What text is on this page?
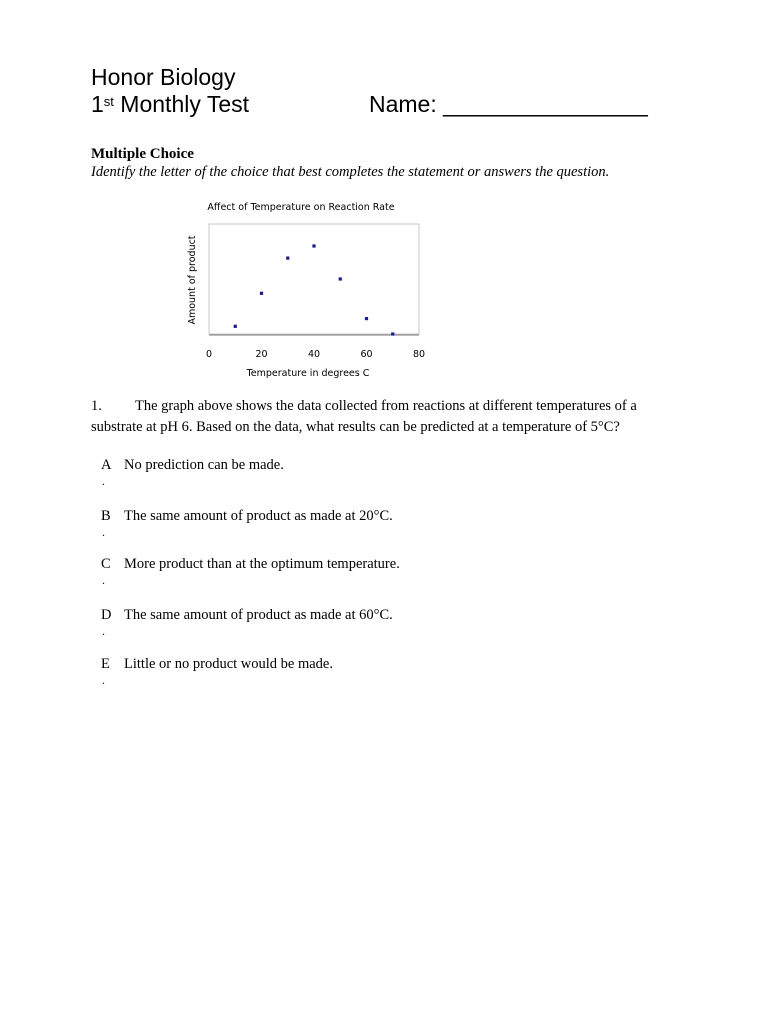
Honor Biology
1st Monthly Test	Name: ________________
Multiple Choice
Identify the letter of the choice that best completes the statement or answers the question.
Affect of Temperature on Reaction Rate
0	20	40	60	80
Temperature in degrees C
Amount of product
1. The graph above shows the data collected from reactions at different temperatures of a substrate at pH 6. Based on the data, what results can be predicted at a temperature of 5°C?
A No prediction can be made.
.
B The same amount of product as made at 20°C.
.
C More product than at the optimum temperature.
.
D The same amount of product as made at 60°C.
.
E Little or no product would be made.
.
